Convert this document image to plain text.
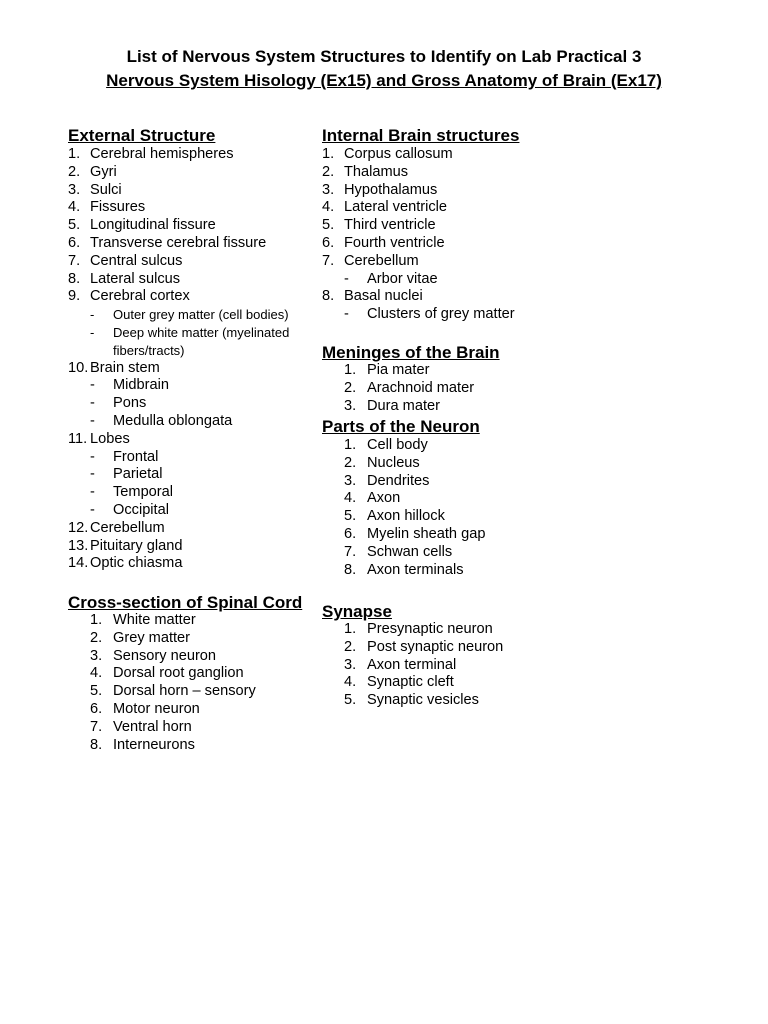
List of Nervous System Structures to Identify on Lab Practical 3
Nervous System Hisology (Ex15) and Gross Anatomy of Brain (Ex17)
External Structure
1. Cerebral hemispheres
2. Gyri
3. Sulci
4. Fissures
5. Longitudinal fissure
6. Transverse cerebral fissure
7. Central sulcus
8. Lateral sulcus
9. Cerebral cortex
- Outer grey matter (cell bodies)
- Deep white matter (myelinated fibers/tracts)
10. Brain stem
- Midbrain
- Pons
- Medulla oblongata
11. Lobes
- Frontal
- Parietal
- Temporal
- Occipital
12. Cerebellum
13. Pituitary gland
14. Optic chiasma
Internal Brain structures
1. Corpus callosum
2. Thalamus
3. Hypothalamus
4. Lateral ventricle
5. Third ventricle
6. Fourth ventricle
7. Cerebellum
- Arbor vitae
8. Basal nuclei
- Clusters of grey matter
Meninges of the Brain
1. Pia mater
2. Arachnoid mater
3. Dura mater
Parts of the Neuron
1. Cell body
2. Nucleus
3. Dendrites
4. Axon
5. Axon hillock
6. Myelin sheath gap
7. Schwan cells
8. Axon terminals
Cross-section of Spinal Cord
1. White matter
2. Grey matter
3. Sensory neuron
4. Dorsal root ganglion
5. Dorsal horn – sensory
6. Motor neuron
7. Ventral horn
8. Interneurons
Synapse
1. Presynaptic neuron
2. Post synaptic neuron
3. Axon terminal
4. Synaptic cleft
5. Synaptic vesicles
